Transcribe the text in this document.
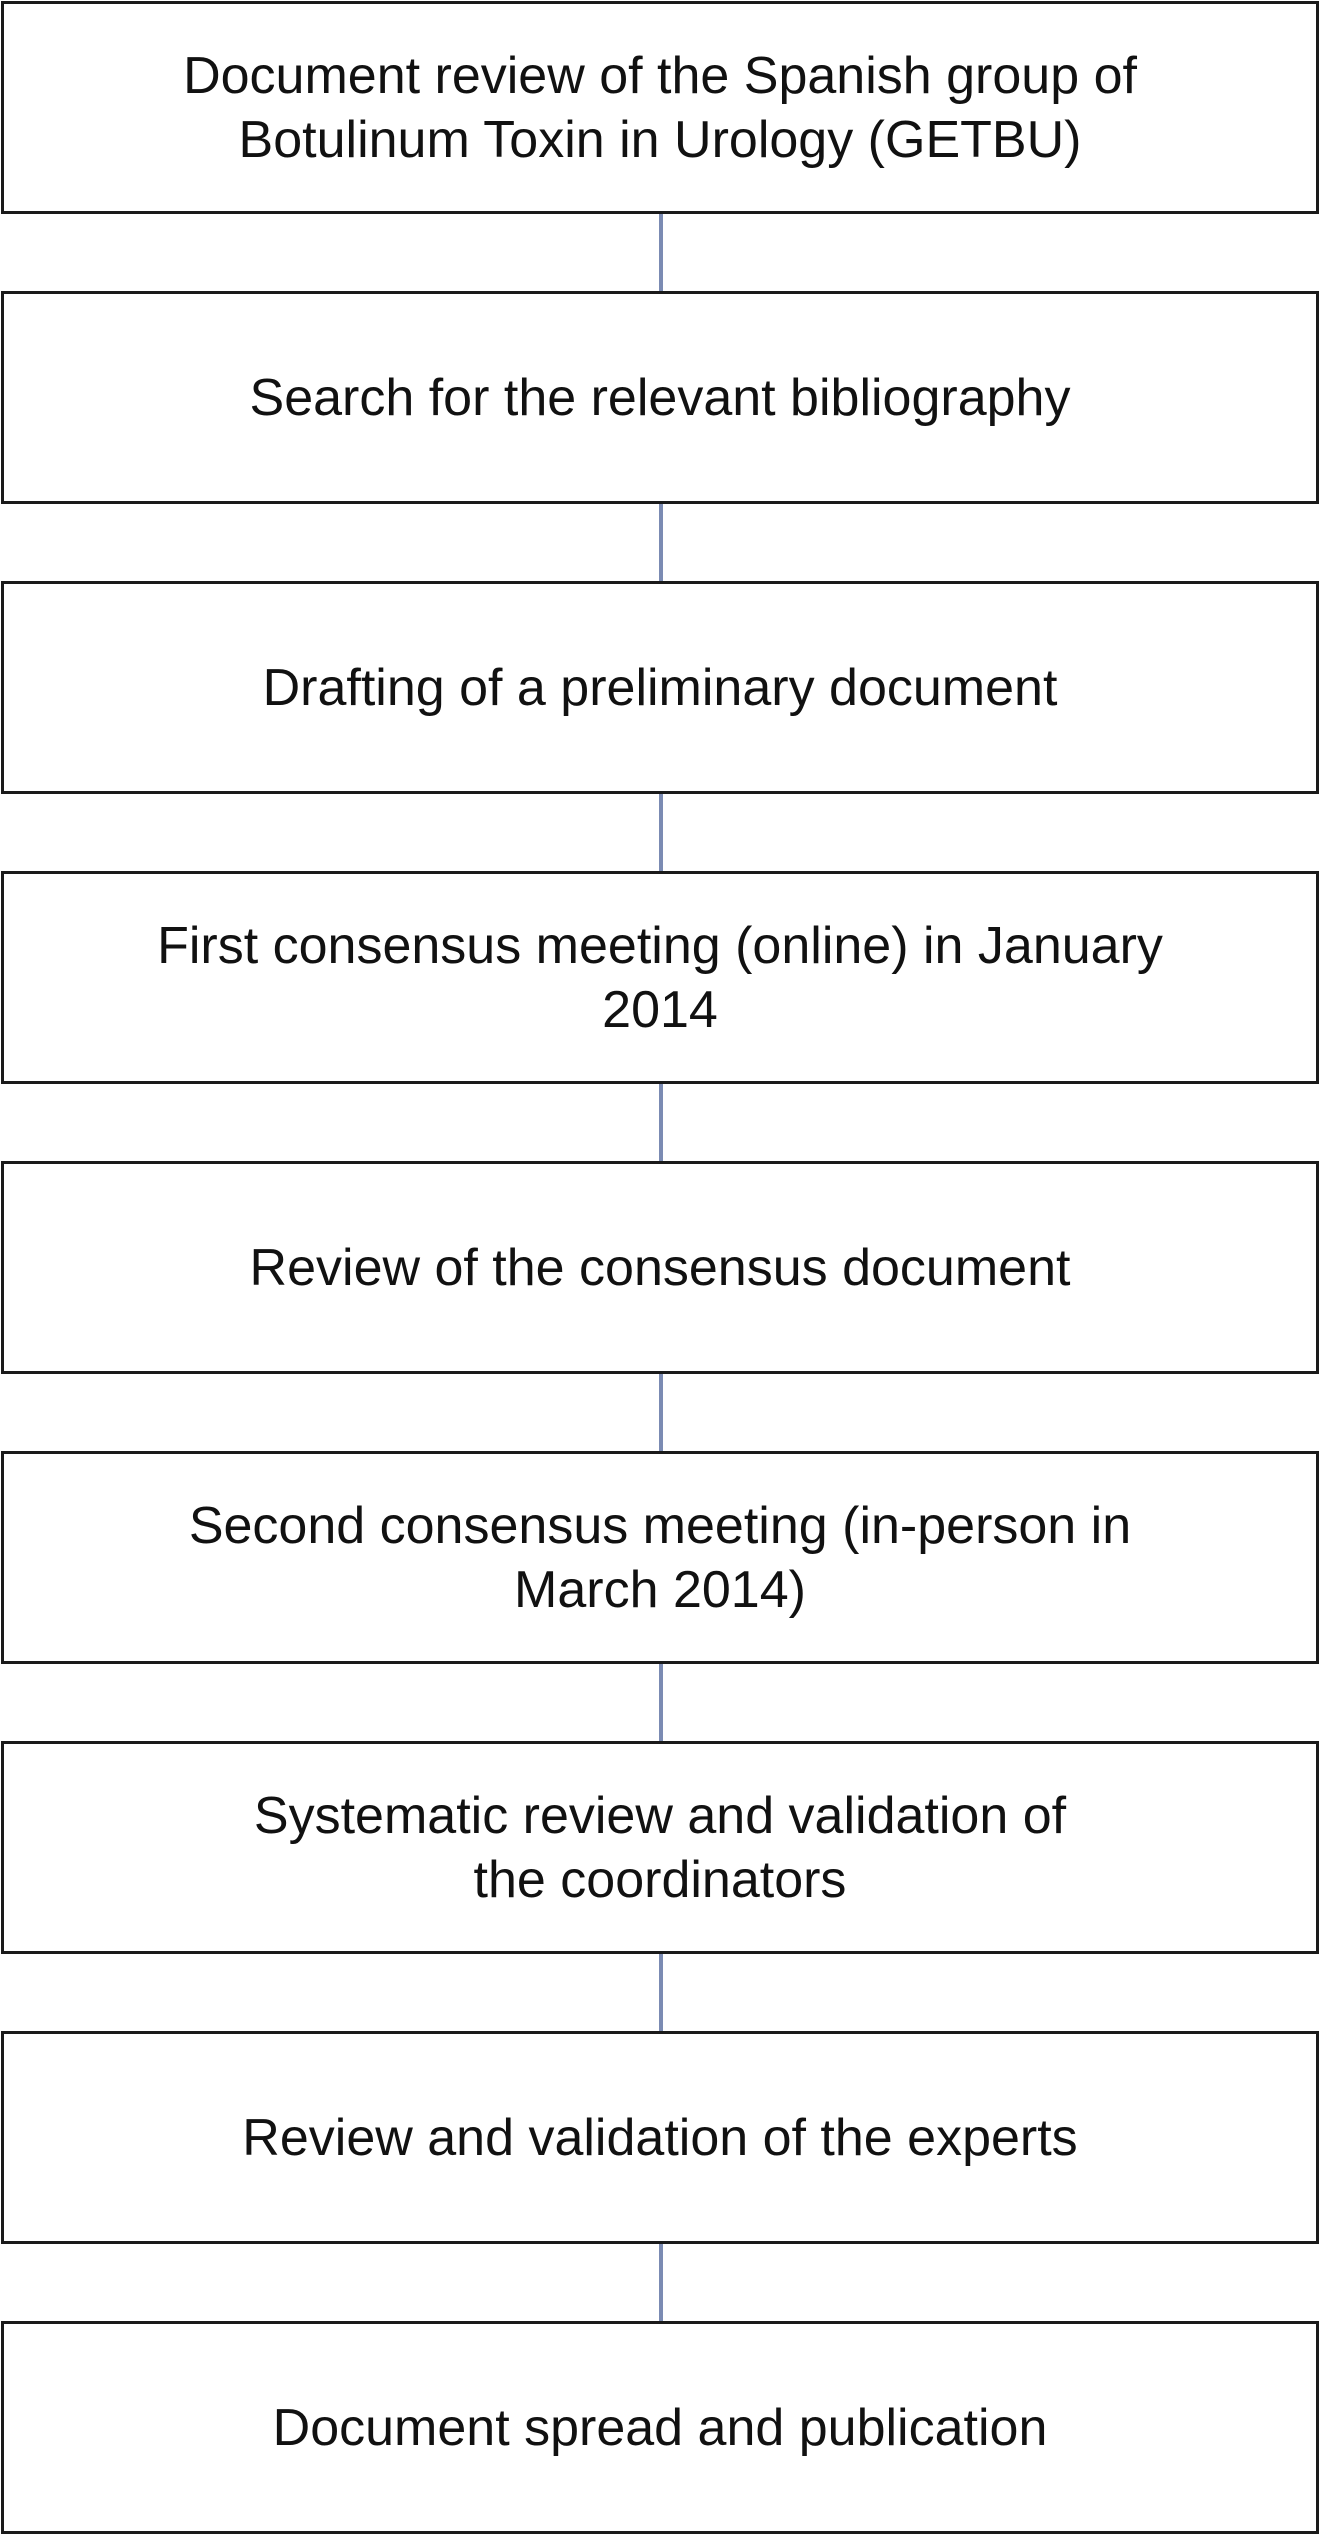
Document review of the Spanish group of
Botulinum Toxin in Urology (GETBU)
Search for the relevant bibliography
Drafting of a preliminary document
First consensus meeting (online) in January
2014
Review of the consensus document
Second consensus meeting (in-person in
March 2014)
Systematic review and validation of
the coordinators
Review and validation of the experts
Document spread and publication
